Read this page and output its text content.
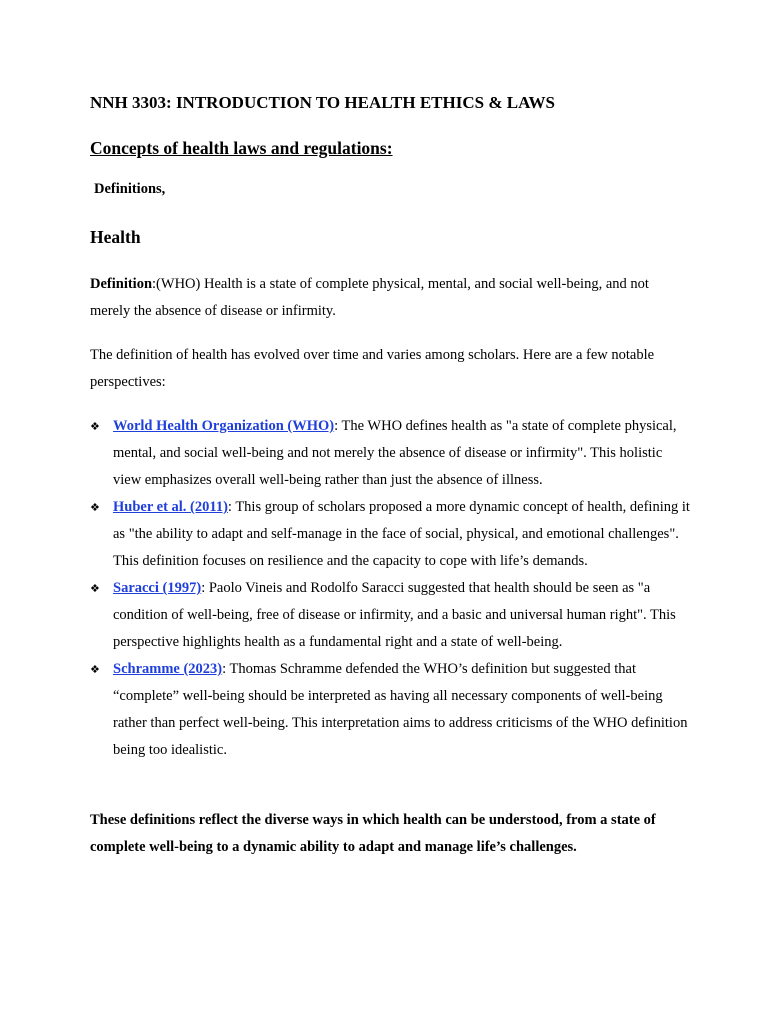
NNH 3303: INTRODUCTION TO HEALTH ETHICS & LAWS
Concepts of health laws and regulations:
Definitions,
Health

Definition:(WHO) Health is a state of complete physical, mental, and social well-being, and not merely the absence of disease or infirmity.

The definition of health has evolved over time and varies among scholars. Here are a few notable perspectives:

❖ World Health Organization (WHO): The WHO defines health as "a state of complete physical, mental, and social well-being and not merely the absence of disease or infirmity". This holistic view emphasizes overall well-being rather than just the absence of illness.
❖ Huber et al. (2011): This group of scholars proposed a more dynamic concept of health, defining it as "the ability to adapt and self-manage in the face of social, physical, and emotional challenges". This definition focuses on resilience and the capacity to cope with life’s demands.
❖ Saracci (1997): Paolo Vineis and Rodolfo Saracci suggested that health should be seen as "a condition of well-being, free of disease or infirmity, and a basic and universal human right". This perspective highlights health as a fundamental right and a state of well-being.
❖ Schramme (2023): Thomas Schramme defended the WHO’s definition but suggested that “complete” well-being should be interpreted as having all necessary components of well-being rather than perfect well-being. This interpretation aims to address criticisms of the WHO definition being too idealistic.

These definitions reflect the diverse ways in which health can be understood, from a state of complete well-being to a dynamic ability to adapt and manage life’s challenges.
